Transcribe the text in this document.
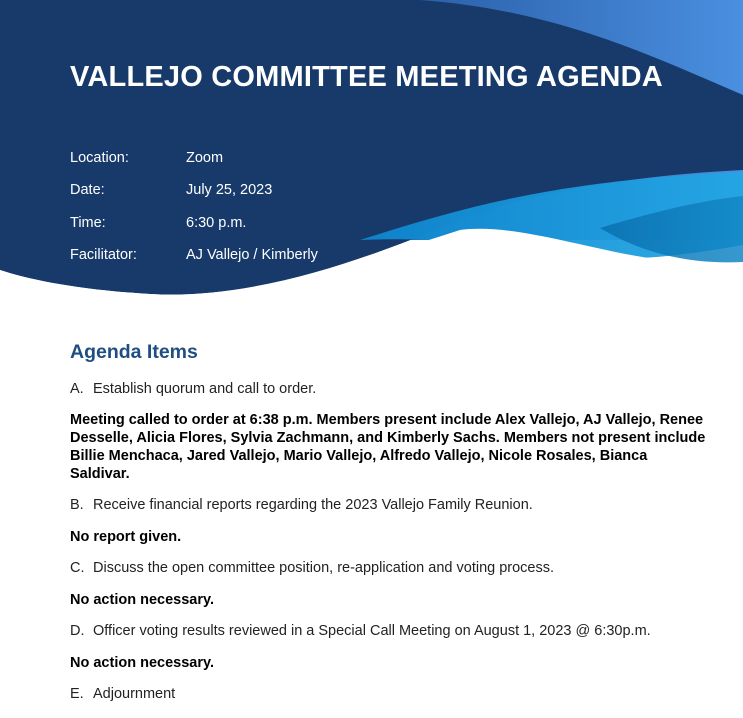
VALLEJO COMMITTEE MEETING AGENDA
Location:	Zoom
Date:	July 25, 2023
Time:	6:30 p.m.
Facilitator:	AJ Vallejo / Kimberly
Agenda Items
A. Establish quorum and call to order.
Meeting called to order at 6:38 p.m. Members present include Alex Vallejo, AJ Vallejo, Renee Desselle, Alicia Flores, Sylvia Zachmann, and Kimberly Sachs. Members not present include Billie Menchaca, Jared Vallejo, Mario Vallejo, Alfredo Vallejo, Nicole Rosales, Bianca Saldivar.
B. Receive financial reports regarding the 2023 Vallejo Family Reunion.
No report given.
C. Discuss the open committee position, re-application and voting process.
No action necessary.
D. Officer voting results reviewed in a Special Call Meeting on August 1, 2023 @ 6:30p.m.
No action necessary.
E. Adjournment
